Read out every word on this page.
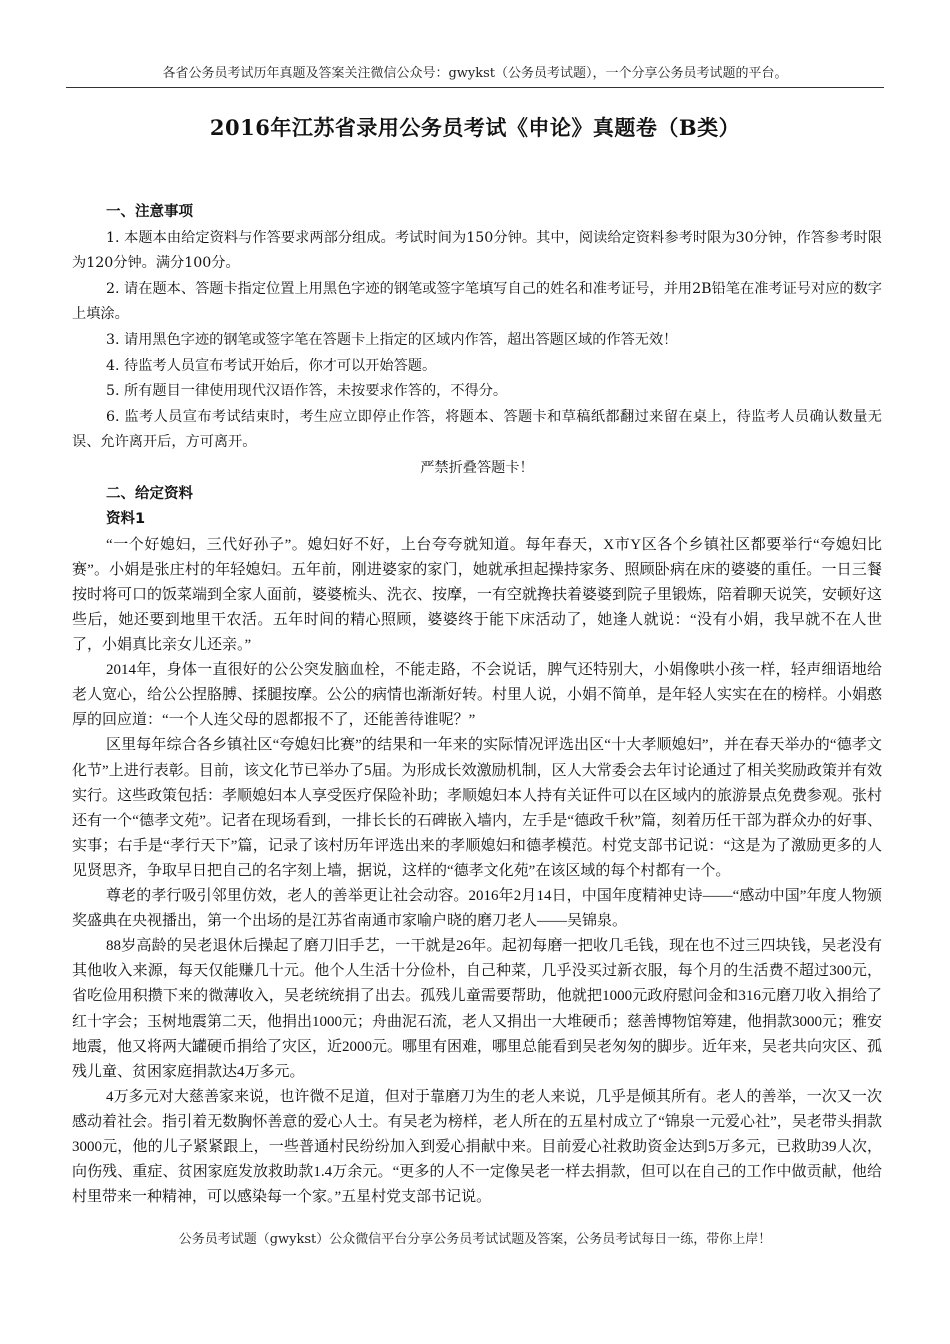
各省公务员考试历年真题及答案关注微信公众号：gwykst（公务员考试题），一个分享公务员考试题的平台。
2016年江苏省录用公务员考试《申论》真题卷（B类）

一、注意事项

1. 本题本由给定资料与作答要求两部分组成。考试时间为150分钟。其中，阅读给定资料参考时限为30分钟，作答参考时限为120分钟。满分100分。

2. 请在题本、答题卡指定位置上用黑色字迹的钢笔或签字笔填写自己的姓名和准考证号，并用2B铅笔在准考证号对应的数字上填涂。

3. 请用黑色字迹的钢笔或签字笔在答题卡上指定的区域内作答，超出答题区域的作答无效！

4. 待监考人员宣布考试开始后，你才可以开始答题。

5. 所有题目一律使用现代汉语作答，未按要求作答的，不得分。

6. 监考人员宣布考试结束时，考生应立即停止作答，将题本、答题卡和草稿纸都翻过来留在桌上，待监考人员确认数量无误、允许离开后，方可离开。

严禁折叠答题卡！

二、给定资料

资料1

“一个好媳妇，三代好孙子”。媳妇好不好，上台夸夸就知道。每年春天，X市Y区各个乡镇社区都要举行“夸媳妇比赛”。小娟是张庄村的年轻媳妇。五年前，刚进婆家的家门，她就承担起操持家务、照顾卧病在床的婆婆的重任。一日三餐按时将可口的饭菜端到全家人面前，婆婆梳头、洗衣、按摩，一有空就搀扶着婆婆到院子里锻炼，陪着聊天说笑，安顿好这些后，她还要到地里干农活。五年时间的精心照顾，婆婆终于能下床活动了，她逢人就说：“没有小娟，我早就不在人世了，小娟真比亲女儿还亲。”

2014年，身体一直很好的公公突发脑血栓，不能走路，不会说话，脾气还特别大，小娟像哄小孩一样，轻声细语地给老人宽心，给公公捏胳膊、揉腿按摩。公公的病情也渐渐好转。村里人说，小娟不简单，是年轻人实实在在的榜样。小娟憨厚的回应道：“一个人连父母的恩都报不了，还能善待谁呢？”

区里每年综合各乡镇社区“夸媳妇比赛”的结果和一年来的实际情况评选出区“十大孝顺媳妇”，并在春天举办的“德孝文化节”上进行表彰。目前，该文化节已举办了5届。为形成长效激励机制，区人大常委会去年讨论通过了相关奖励政策并有效实行。这些政策包括：孝顺媳妇本人享受医疗保险补助；孝顺媳妇本人持有关证件可以在区域内的旅游景点免费参观。张村还有一个“德孝文苑”。记者在现场看到，一排长长的石碑嵌入墙内，左手是“德政千秋”篇，刻着历任干部为群众办的好事、实事；右手是“孝行天下”篇，记录了该村历年评选出来的孝顺媳妇和德孝模范。村党支部书记说：“这是为了激励更多的人见贤思齐，争取早日把自己的名字刻上墙，据说，这样的“德孝文化苑”在该区域的每个村都有一个。

尊老的孝行吸引邻里仿效，老人的善举更让社会动容。2016年2月14日，中国年度精神史诗——“感动中国”年度人物颁奖盛典在央视播出，第一个出场的是江苏省南通市家喻户晓的磨刀老人——吴锦泉。

88岁高龄的吴老退休后操起了磨刀旧手艺，一干就是26年。起初每磨一把收几毛钱，现在也不过三四块钱，吴老没有其他收入来源，每天仅能赚几十元。他个人生活十分俭朴，自己种菜，几乎没买过新衣服，每个月的生活费不超过300元，省吃俭用积攒下来的微薄收入，吴老统统捐了出去。孤残儿童需要帮助，他就把1000元政府慰问金和316元磨刀收入捐给了红十字会；玉树地震第二天，他捐出1000元；舟曲泥石流，老人又捐出一大堆硬币；慈善博物馆筹建，他捐款3000元；雅安地震，他又将两大罐硬币捐给了灾区，近2000元。哪里有困难，哪里总能看到吴老匆匆的脚步。近年来，吴老共向灾区、孤残儿童、贫困家庭捐款达4万多元。

4万多元对大慈善家来说，也许微不足道，但对于靠磨刀为生的老人来说，几乎是倾其所有。老人的善举，一次又一次感动着社会。指引着无数胸怀善意的爱心人士。有吴老为榜样，老人所在的五星村成立了“锦泉一元爱心社”，吴老带头捐款3000元，他的儿子紧紧跟上，一些普通村民纷纷加入到爱心捐献中来。目前爱心社救助资金达到5万多元，已救助39人次，向伤残、重症、贫困家庭发放救助款1.4万余元。“更多的人不一定像吴老一样去捐款，但可以在自己的工作中做贡献，他给村里带来一种精神，可以感染每一个家。”五星村党支部书记说。

公务员考试题（gwykst）公众微信平台分享公务员考试试题及答案，公务员考试每日一练，带你上岸！
